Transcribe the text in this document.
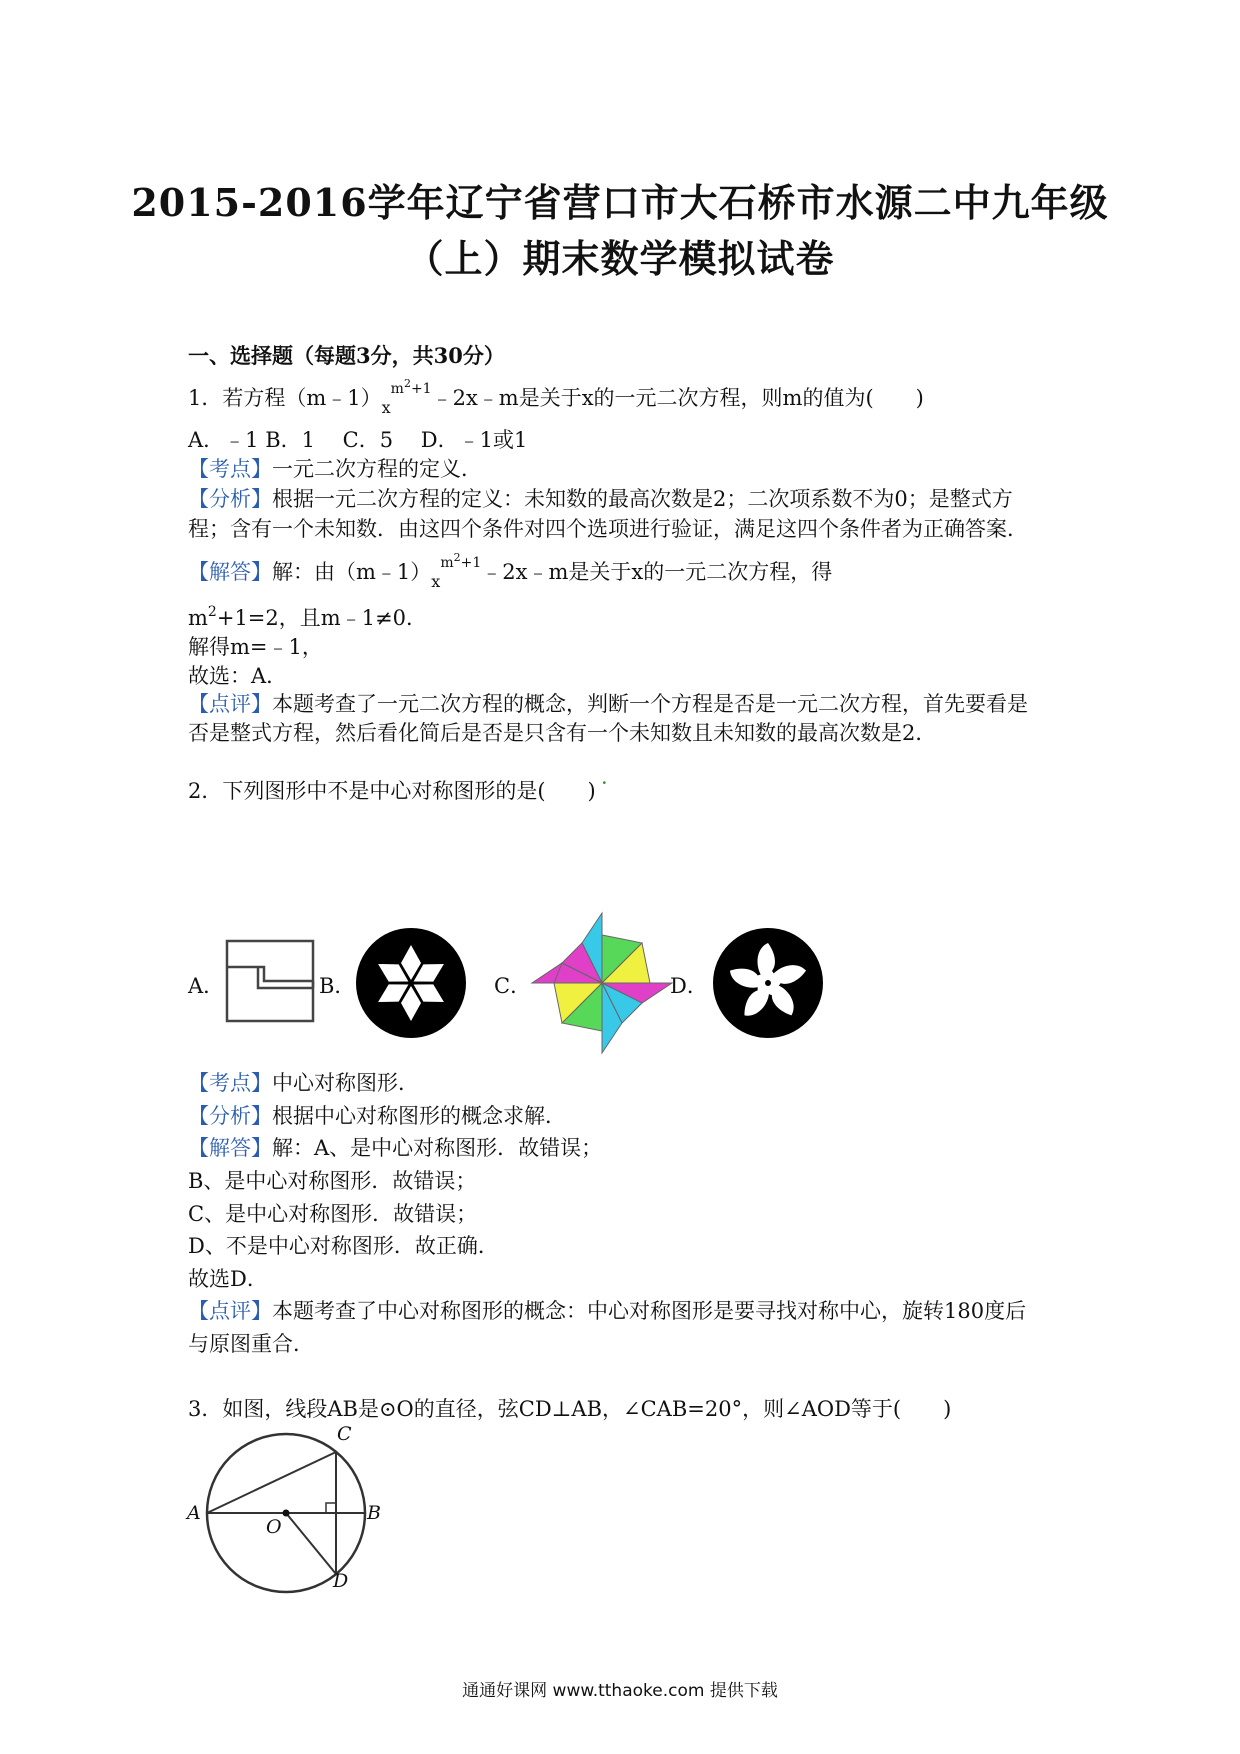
2015-2016学年辽宁省营口市大石桥市水源二中九年级
（上）期末数学模拟试卷
一、选择题（每题3分，共30分）
1．若方程$(m﹣1)_x^{m2+1}﹣2x﹣m$是关于x的一元二次方程，则m的值为(　　)
A．﹣1 B．1　 C．5　 D．﹣1或1
【考点】一元二次方程的定义．
【分析】根据一元二次方程的定义：未知数的最高次数是2；二次项系数不为0；是整式方
程；含有一个未知数．由这四个条件对四个选项进行验证，满足这四个条件者为正确答案．
【解答】解：由$(m﹣1)_x^{m2+1}﹣2x﹣m$是关于x的一元二次方程，得
$m^2+1=2$，且m﹣1≠0．
解得m=﹣1，
故选：A．
【点评】本题考查了一元二次方程的概念，判断一个方程是否是一元二次方程，首先要看是
否是整式方程，然后看化简后是否是只含有一个未知数且未知数的最高次数是2．
2．下列图形中不是中心对称图形的是(　　) ·
A．	B．	C．	D．
【考点】中心对称图形．
【分析】根据中心对称图形的概念求解．
【解答】解：A、是中心对称图形．故错误；
B、是中心对称图形．故错误；
C、是中心对称图形．故错误；
D、不是中心对称图形．故正确．
故选D．
【点评】本题考查了中心对称图形的概念：中心对称图形是要寻找对称中心，旋转180度后
与原图重合．
3．如图，线段AB是⊙O的直径，弦CD⊥AB，∠CAB=20°，则∠AOD等于(　　)
A	B
C
D
O
通通好课网 www.tthaoke.com 提供下载
